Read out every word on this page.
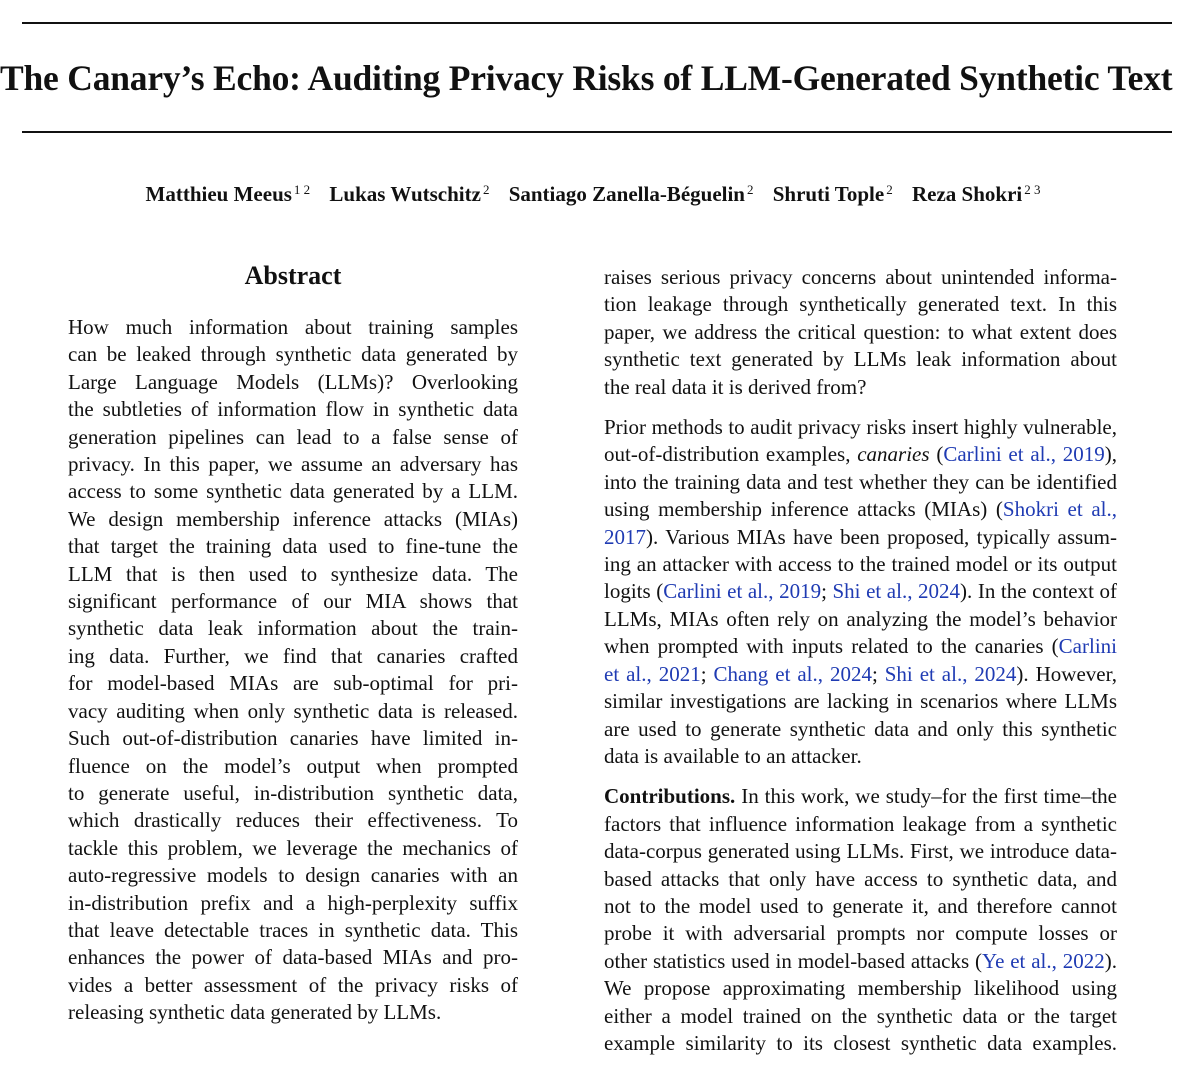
The Canary’s Echo: Auditing Privacy Risks of LLM-Generated Synthetic Text
Matthieu Meeus $^{1 2}$ Lukas Wutschitz $^2$ Santiago Zanella-Béguelin $^2$ Shruti Tople $^2$ Reza Shokri $^{2 3}$
Abstract
How much information about training samples
can be leaked through synthetic data generated by
Large Language Models (LLMs)? Overlooking
the subtleties of information flow in synthetic data
generation pipelines can lead to a false sense of
privacy. In this paper, we assume an adversary has
access to some synthetic data generated by a LLM.
We design membership inference attacks (MIAs)
that target the training data used to fine-tune the
LLM that is then used to synthesize data. The
significant performance of our MIA shows that
synthetic data leak information about the train-
ing data. Further, we find that canaries crafted
for model-based MIAs are sub-optimal for pri-
vacy auditing when only synthetic data is released.
Such out-of-distribution canaries have limited in-
fluence on the model’s output when prompted
to generate useful, in-distribution synthetic data,
which drastically reduces their effectiveness. To
tackle this problem, we leverage the mechanics of
auto-regressive models to design canaries with an
in-distribution prefix and a high-perplexity suffix
that leave detectable traces in synthetic data. This
enhances the power of data-based MIAs and pro-
vides a better assessment of the privacy risks of
releasing synthetic data generated by LLMs.
raises serious privacy concerns about unintended informa-
tion leakage through synthetically generated text. In this
paper, we address the critical question: to what extent does
synthetic text generated by LLMs leak information about
the real data it is derived from?
Prior methods to audit privacy risks insert highly vulnerable,
out-of-distribution examples, canaries (Carlini et al., 2019),
into the training data and test whether they can be identified
using membership inference attacks (MIAs) (Shokri et al.,
2017). Various MIAs have been proposed, typically assum-
ing an attacker with access to the trained model or its output
logits (Carlini et al., 2019; Shi et al., 2024). In the context of
LLMs, MIAs often rely on analyzing the model’s behavior
when prompted with inputs related to the canaries (Carlini
et al., 2021; Chang et al., 2024; Shi et al., 2024). However,
similar investigations are lacking in scenarios where LLMs
are used to generate synthetic data and only this synthetic
data is available to an attacker.
Contributions. In this work, we study–for the first time–the
factors that influence information leakage from a synthetic
data-corpus generated using LLMs. First, we introduce data-
based attacks that only have access to synthetic data, and
not to the model used to generate it, and therefore cannot
probe it with adversarial prompts nor compute losses or
other statistics used in model-based attacks (Ye et al., 2022).
We propose approximating membership likelihood using
either a model trained on the synthetic data or the target
example similarity to its closest synthetic data examples.
